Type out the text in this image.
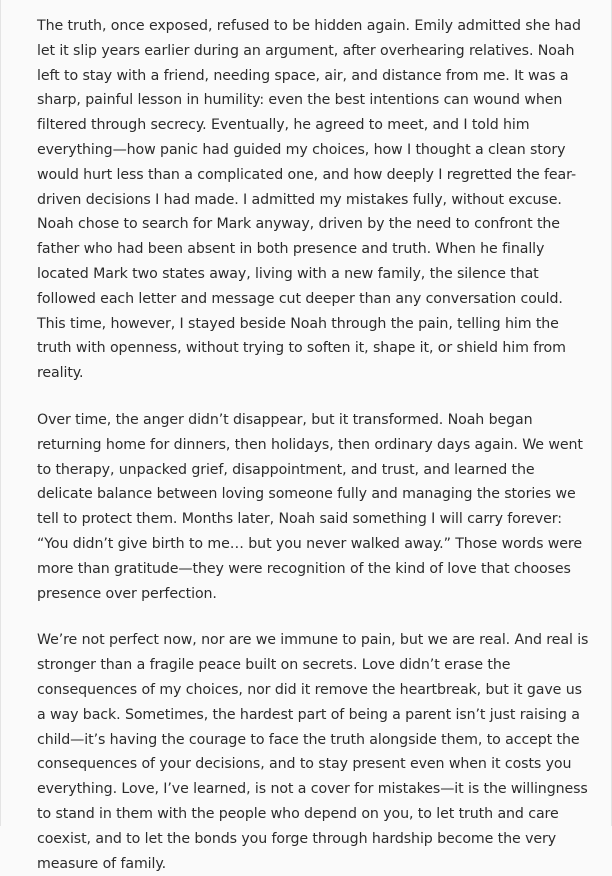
The truth, once exposed, refused to be hidden again. Emily admitted she had let it slip years earlier during an argument, after overhearing relatives. Noah left to stay with a friend, needing space, air, and distance from me. It was a sharp, painful lesson in humility: even the best intentions can wound when filtered through secrecy. Eventually, he agreed to meet, and I told him everything—how panic had guided my choices, how I thought a clean story would hurt less than a complicated one, and how deeply I regretted the fear-driven decisions I had made. I admitted my mistakes fully, without excuse. Noah chose to search for Mark anyway, driven by the need to confront the father who had been absent in both presence and truth. When he finally located Mark two states away, living with a new family, the silence that followed each letter and message cut deeper than any conversation could. This time, however, I stayed beside Noah through the pain, telling him the truth with openness, without trying to soften it, shape it, or shield him from reality.

Over time, the anger didn’t disappear, but it transformed. Noah began returning home for dinners, then holidays, then ordinary days again. We went to therapy, unpacked grief, disappointment, and trust, and learned the delicate balance between loving someone fully and managing the stories we tell to protect them. Months later, Noah said something I will carry forever: “You didn’t give birth to me… but you never walked away.” Those words were more than gratitude—they were recognition of the kind of love that chooses presence over perfection.

We’re not perfect now, nor are we immune to pain, but we are real. And real is stronger than a fragile peace built on secrets. Love didn’t erase the consequences of my choices, nor did it remove the heartbreak, but it gave us a way back. Sometimes, the hardest part of being a parent isn’t just raising a child—it’s having the courage to face the truth alongside them, to accept the consequences of your decisions, and to stay present even when it costs you everything. Love, I’ve learned, is not a cover for mistakes—it is the willingness to stand in them with the people who depend on you, to let truth and care coexist, and to let the bonds you forge through hardship become the very measure of family.
